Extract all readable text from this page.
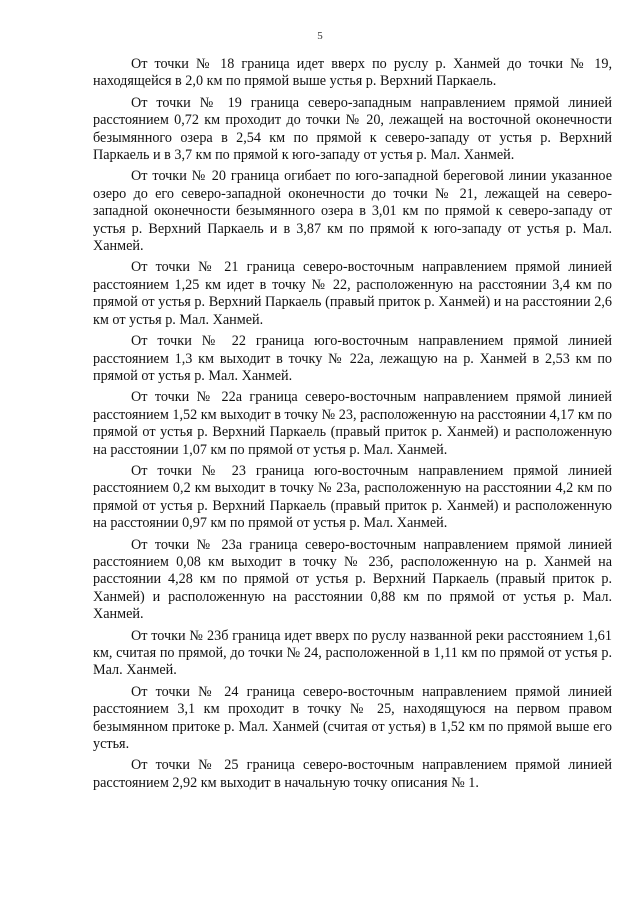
5

От точки № 18 граница идет вверх по руслу р. Ханмей до точки № 19, находящейся в 2,0 км по прямой выше устья р. Верхний Паркаель.

От точки № 19 граница северо-западным направлением прямой линией расстоянием 0,72 км проходит до точки № 20, лежащей на восточной оконечности безымянного озера в 2,54 км по прямой к северо-западу от устья р. Верхний Паркаель и в 3,7 км по прямой к юго-западу от устья р. Мал. Ханмей.

От точки № 20 граница огибает по юго-западной береговой линии указанное озеро до его северо-западной оконечности до точки № 21, лежащей на северо-западной оконечности безымянного озера в 3,01 км по прямой к северо-западу от устья р. Верхний Паркаель и в 3,87 км по прямой к юго-западу от устья р. Мал. Ханмей.

От точки № 21 граница северо-восточным направлением прямой линией расстоянием 1,25 км идет в точку № 22, расположенную на расстоянии 3,4 км по прямой от устья р. Верхний Паркаель (правый приток р. Ханмей) и на расстоянии 2,6 км от устья р. Мал. Ханмей.

От точки № 22 граница юго-восточным направлением прямой линией расстоянием 1,3 км выходит в точку № 22а, лежащую на р. Ханмей в 2,53 км по прямой от устья р. Мал. Ханмей.

От точки № 22а граница северо-восточным направлением прямой линией расстоянием 1,52 км выходит в точку № 23, расположенную на расстоянии 4,17 км по прямой от устья р. Верхний Паркаель (правый приток р. Ханмей) и расположенную на расстоянии 1,07 км по прямой от устья р. Мал. Ханмей.

От точки № 23 граница юго-восточным направлением прямой линией расстоянием 0,2 км выходит в точку № 23а, расположенную на расстоянии 4,2 км по прямой от устья р. Верхний Паркаель (правый приток р. Ханмей) и расположенную на расстоянии 0,97 км по прямой от устья р. Мал. Ханмей.

От точки № 23а граница северо-восточным направлением прямой линией расстоянием 0,08 км выходит в точку № 23б, расположенную на р. Ханмей на расстоянии 4,28 км по прямой от устья р. Верхний Паркаель (правый приток р. Ханмей) и расположенную на расстоянии 0,88 км по прямой от устья р. Мал. Ханмей.

От точки № 23б граница идет вверх по руслу названной реки расстоянием 1,61 км, считая по прямой, до точки № 24, расположенной в 1,11 км по прямой от устья р. Мал. Ханмей.

От точки № 24 граница северо-восточным направлением прямой линией расстоянием 3,1 км проходит в точку № 25, находящуюся на первом правом безымянном притоке р. Мал. Ханмей (считая от устья) в 1,52 км по прямой выше его устья.

От точки № 25 граница северо-восточным направлением прямой линией расстоянием 2,92 км выходит в начальную точку описания № 1.
